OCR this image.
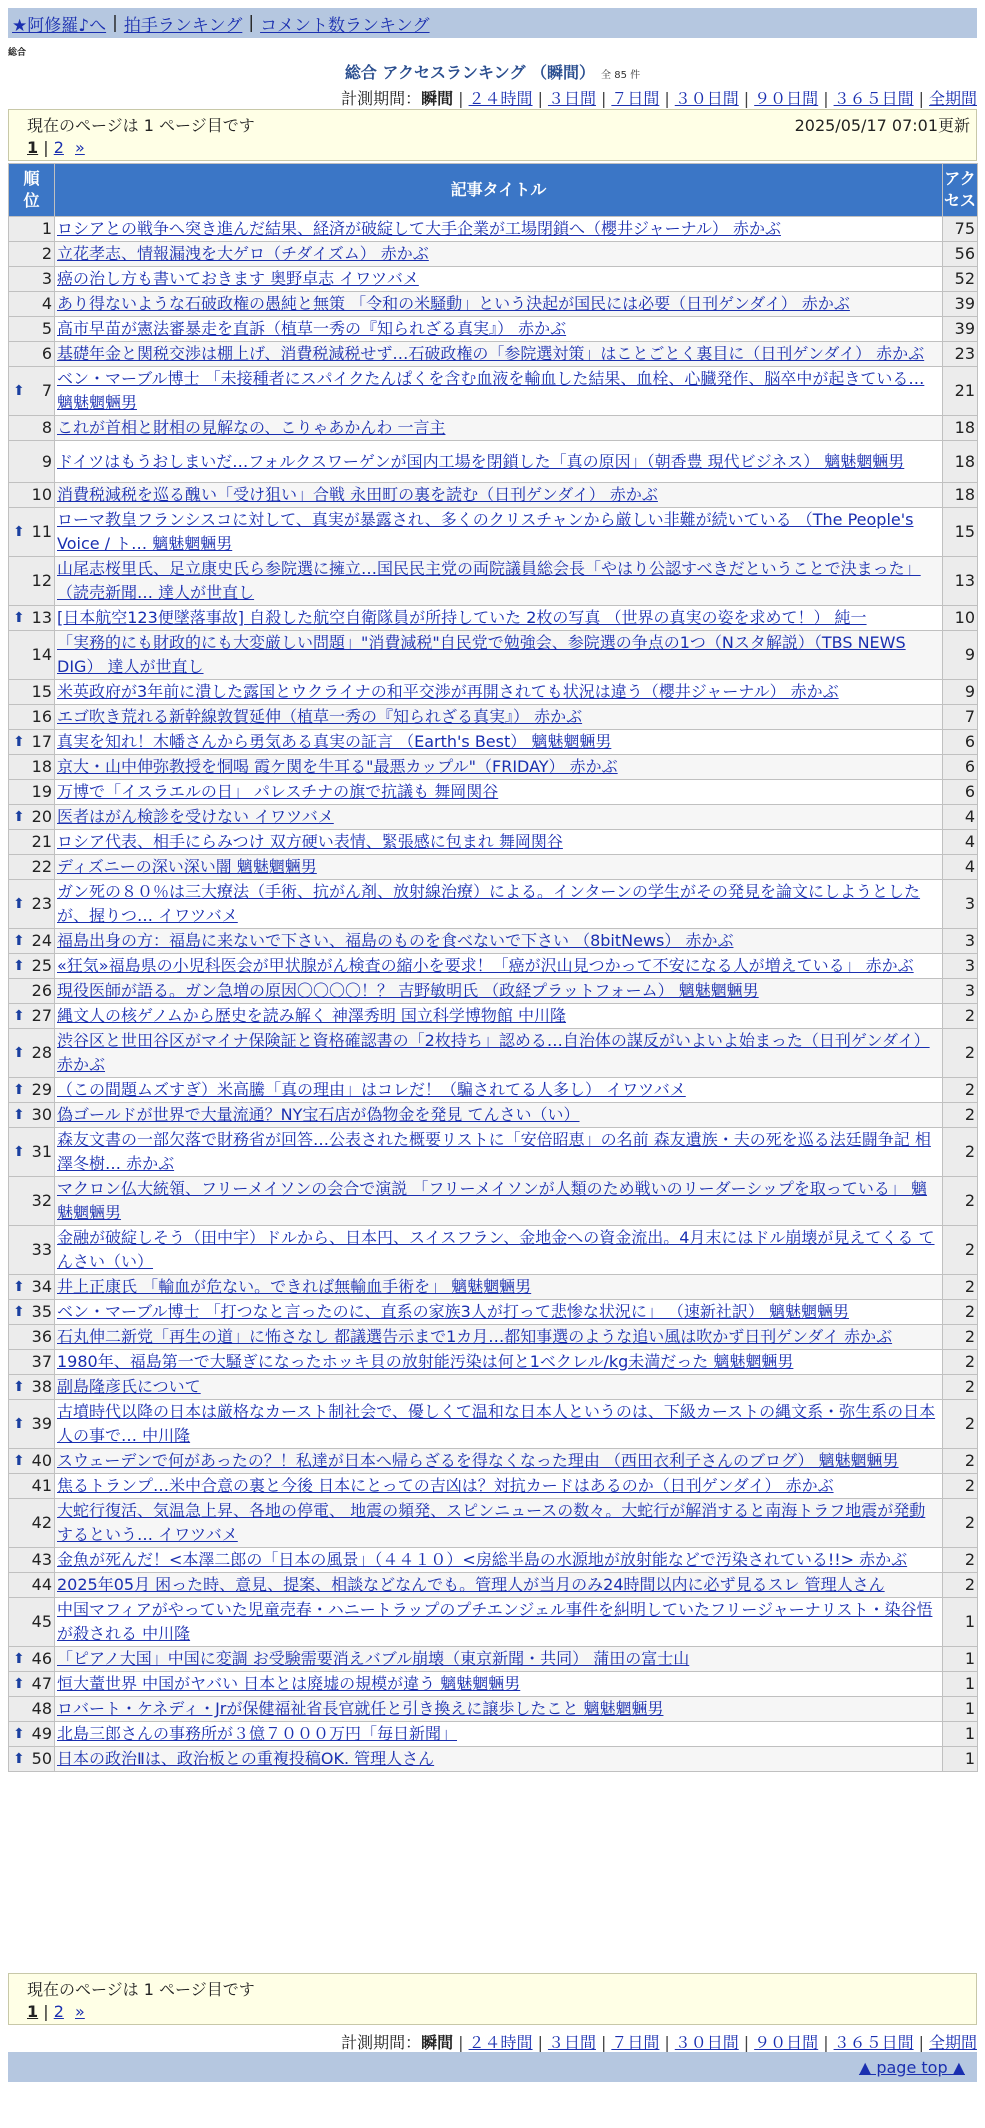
★阿修羅♪へ | 拍手ランキング | コメント数ランキング
総合
総合 アクセスランキング （瞬間） 全 85 件
計測期間：瞬間 | ２４時間 | ３日間 | ７日間 | ３０日間 | ９０日間 | ３６５日間 | 全期間
現在のページは 1 ページ目です	2025/05/17 07:01更新
1 | 2 »
順位	記事タイトル	アクセス

1	ロシアとの戦争へ突き進んだ結果、経済が破綻して大手企業が工場閉鎖へ（櫻井ジャーナル） 赤かぶ	75
2	立花孝志、情報漏洩を大ゲロ（チダイズム） 赤かぶ	56
3	癌の治し方も書いておきます 奥野卓志 イワツバメ	52
4	あり得ないような石破政権の愚純と無策 「令和の米騒動」という決起が国民には必要（日刊ゲンダイ） 赤かぶ	39
5	高市早苗が憲法審暴走を直訴（植草一秀の『知られざる真実』） 赤かぶ	39
6	基礎年金と関税交渉は棚上げ、消費税減税せず…石破政権の「参院選対策」はことごとく裏目に（日刊ゲンダイ） 赤かぶ	23

⬆ 7	ベン・マーブル博士 「未接種者にスパイクたんぱくを含む血液を輸血した結果、血栓、心臓発作、脳卒中が起きている… 魑魅魍魎男	21
8	これが首相と財相の見解なの、こりゃあかんわ 一言主	18
9	ドイツはもうおしまいだ…フォルクスワーゲンが国内工場を閉鎖した「真の原因」（朝香豊 現代ビジネス） 魑魅魍魎男	18
10	消費税減税を巡る醜い「受け狙い」合戦 永田町の裏を読む（日刊ゲンダイ） 赤かぶ	18

⬆ 11	ローマ教皇フランシスコに対して、真実が暴露され、多くのクリスチャンから厳しい非難が続いている （The People's Voice / ト… 魑魅魍魎男	15
12	山尾志桜里氏、足立康史氏ら参院選に擁立…国民民主党の両院議員総会長「やはり公認すべきだということで決まった」（読売新聞… 達人が世直し	13

⬆ 13	[日本航空123便墜落事故] 自殺した航空自衛隊員が所持していた 2枚の写真 （世界の真実の姿を求めて！） 純一	10
14	「実務的にも財政的にも大変厳しい問題」"消費減税"自民党で勉強会、参院選の争点の1つ（Nスタ解説）（TBS NEWS DIG） 達人が世直し	9
15	米英政府が3年前に潰した露国とウクライナの和平交渉が再開されても状況は違う（櫻井ジャーナル） 赤かぶ	9
16	エゴ吹き荒れる新幹線敦賀延伸（植草一秀の『知られざる真実』） 赤かぶ	7

⬆ 17	真実を知れ！木幡さんから勇気ある真実の証言 （Earth's Best） 魑魅魍魎男	6
18	京大・山中伸弥教授を恫喝 霞ケ関を牛耳る"最悪カップル"（FRIDAY） 赤かぶ	6
19	万博で「イスラエルの日」 パレスチナの旗で抗議も 舞岡関谷	6

⬆ 20	医者はがん検診を受けない イワツバメ	4
21	ロシア代表、相手にらみつけ 双方硬い表情、緊張感に包まれ 舞岡関谷	4
22	ディズニーの深い深い闇 魑魅魍魎男	4

⬆ 23	ガン死の８０％は三大療法（手術、抗がん剤、放射線治療）による。インターンの学生がその発見を論文にしようとしたが、握りつ… イワツバメ	3

⬆ 24	福島出身の方：福島に来ないで下さい、福島のものを食べないで下さい （8bitNews） 赤かぶ	3

⬆ 25	«狂気»福島県の小児科医会が甲状腺がん検査の縮小を要求！「癌が沢山見つかって不安になる人が増えている」 赤かぶ	3
26	現役医師が語る。ガン急増の原因〇〇〇〇！？ 吉野敏明氏 （政経プラットフォーム） 魑魅魍魎男	3

⬆ 27	縄文人の核ゲノムから歴史を読み解く 神澤秀明 国立科学博物館 中川隆	2

⬆ 28	渋谷区と世田谷区がマイナ保険証と資格確認書の「2枚持ち」認める…自治体の謀反がいよいよ始まった（日刊ゲンダイ） 赤かぶ	2

⬆ 29	（この間題ムズすぎ）米高騰「真の理由」はコレだ！（騙されてる人多し） イワツバメ	2

⬆ 30	偽ゴールドが世界で大量流通？NY宝石店が偽物金を発見 てんさい（い）	2

⬆ 31	森友文書の一部欠落で財務省が回答…公表された概要リストに「安倍昭恵」の名前 森友遺族・夫の死を巡る法廷闘争記 相澤冬樹… 赤かぶ	2
32	マクロン仏大統領、フリーメイソンの会合で演説 「フリーメイソンが人類のため戦いのリーダーシップを取っている」 魑魅魍魎男	2
33	金融が破綻しそう（田中宇）ドルから、日本円、スイスフラン、金地金への資金流出。4月末にはドル崩壊が見えてくる てんさい（い）	2

⬆ 34	井上正康氏 「輸血が危ない。できれば無輸血手術を」 魑魅魍魎男	2

⬆ 35	ベン・マーブル博士 「打つなと言ったのに、直系の家族3人が打って悲惨な状況に」 （速新社訳） 魑魅魍魎男	2
36	石丸伸二新党「再生の道」に怖さなし 都議選告示まで1カ月…都知事選のような追い風は吹かず日刊ゲンダイ 赤かぶ	2
37	1980年、福島第一で大騒ぎになったホッキ貝の放射能汚染は何と1ベクレル/kg未満だった 魑魅魍魎男	2

⬆ 38	副島隆彦氏について	2

⬆ 39	古墳時代以降の日本は厳格なカースト制社会で、優しくて温和な日本人というのは、下級カーストの縄文系・弥生系の日本人の事で… 中川隆	2

⬆ 40	スウェーデンで何があったの？！私達が日本へ帰らざるを得なくなった理由 （西田衣利子さんのブログ） 魑魅魍魎男	2
41	焦るトランプ…米中合意の裏と今後 日本にとっての吉凶は？対抗カードはあるのか（日刊ゲンダイ） 赤かぶ	2
42	大蛇行復活、気温急上昇、各地の停電、 地震の頻発、スピンニュースの数々。大蛇行が解消すると南海トラフ地震が発動するという… イワツバメ	2
43	金魚が死んだ！<本澤二郎の「日本の風景」（４４１０）<房総半島の水源地が放射能などで汚染されている!!> 赤かぶ	2
44	2025年05月 困った時、意見、提案、相談などなんでも。管理人が当月のみ24時間以内に必ず見るスレ 管理人さん	2
45	中国マフィアがやっていた児童売春・ハニートラップのプチエンジェル事件を糾明していたフリージャーナリスト・染谷悟が殺される 中川隆	1

⬆ 46	「ピアノ大国」中国に変調 お受験需要消えバブル崩壊（東京新聞・共同） 蒲田の富士山	1

⬆ 47	恒大蕫世界 中国がヤバい 日本とは廃墟の規模が違う 魑魅魍魎男	1
48	ロバート・ケネディ・Jrが保健福祉省長官就任と引き換えに譲歩したこと 魑魅魍魎男	1

⬆ 49	北島三郎さんの事務所が３億７０００万円「毎日新聞」	1

⬆ 50	日本の政治Ⅱは、政治板との重複投稿OK. 管理人さん	1
現在のページは 1 ページ目です
1 | 2 »
計測期間：瞬間 | ２４時間 | ３日間 | ７日間 | ３０日間 | ９０日間 | ３６５日間 | 全期間
▲ page top ▲
